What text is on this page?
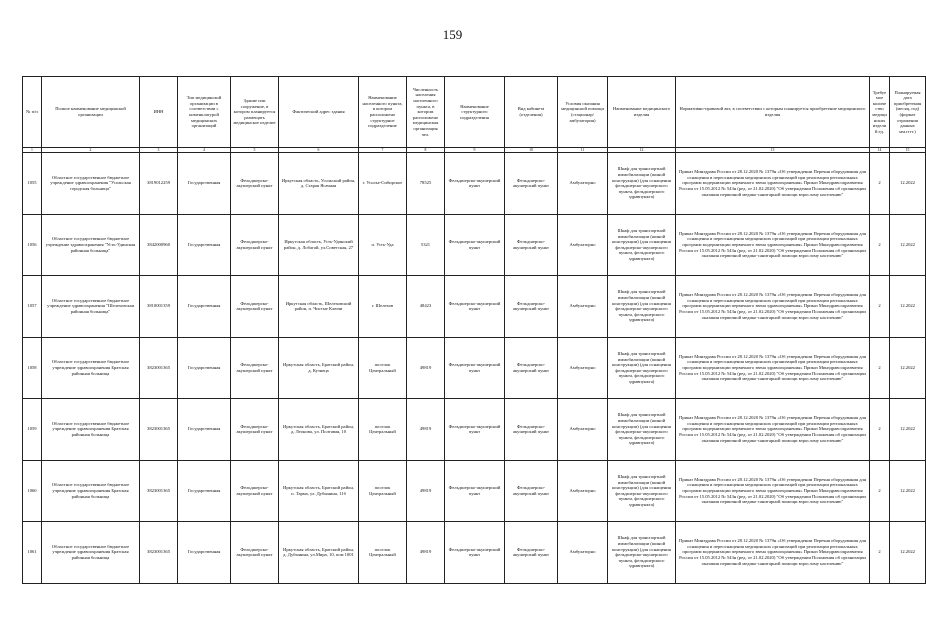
159
№ п/п	Полное наименование медицинской организации	ИНН	Тип медицинской организации в соответствии с номенклатурой медицинских организаций	Здание или сооружение, в котором планируется размещать медицинское изделие	Фактический адрес здания	Наименование населенного пункта, в котором расположено структурное подразделение	Численность населения населенного пункта, в котором расположено медицинская организация чел.	Наименование структурного подразделения	Вид кабинета (отделения)	Условия оказания медицинской помощи (стационар/амбулатория)	Наименование медицинского изделия	Нормативно-правовой акт, в соответствии с которым планируется приобретение медицинского изделия	Требуемое количество медицинских изделий ед.	Планируемая дата приобретения (месяц, год) (формат отражения данных мм.гггг.)
1	2	3	4	5	6	7	8	9	10	11	12	13	14	15
1055	Областное государственное бюджетное учреждение здравоохранения "Усольская городская больница"	3819012259	Государственная	Фельдшерско-акушерский пункт	Иркутская область, Усольский район, д. Старая Ясачная	г. Усолье-Сибирское	78525	Фельдшерско-акушерский пункт	Фельдшерско-акушерский пункт	Амбулаторно	Шкаф для транспортной иммобилизации (шиной конструкции) (для оснащения фельдшерско-акушерского пункта, фельдшерского здравпункта)	Приказ Минздрава России от 28.12.2020 № 1379н «Об утверждении Перечня оборудования для оснащения и переоснащения медицинских организаций при реализации региональных программ модернизации первичного звена здравоохранения» Приказ Минздравсоцразвития России от 15.05.2012 № 543н (ред. от 21.02.2020) "Об утверждении Положения об организации оказания первичной медико-санитарной помощи взрослому населению"	2	12.2022
1056	Областное государственное бюджетное учреждение здравоохранения "Усть-Удинская районная больница"	3842000960	Государственная	Фельдшерско-акушерский пункт	Иркутская область, Усть-Удинский район, д. Лобагай, ул.Советская, 27	п. Усть-Уда	5321	Фельдшерско-акушерский пункт	Фельдшерско-акушерский пункт	Амбулаторно	Шкаф для транспортной иммобилизации (шиной конструкции) (для оснащения фельдшерско-акушерского пункта, фельдшерского здравпункта)	Приказ Минздрава России от 28.12.2020 № 1379н «Об утверждении Перечня оборудования для оснащения и переоснащения медицинских организаций при реализации региональных программ модернизации первичного звена здравоохранения» Приказ Минздравсоцразвития России от 15.05.2012 № 543н (ред. от 21.02.2020) "Об утверждении Положения об организации оказания первичной медико-санитарной помощи взрослому населению"	2	12.2022
1057	Областное государственное бюджетное учреждение здравоохранения "Шелеховская районная больница"	3810001359	Государственная	Фельдшерско-акушерский пункт	Иркутская область, Шелеховский район, п. Чистые Ключи	г. Шелехов	48423	Фельдшерско-акушерский пункт	Фельдшерско-акушерский пункт	Амбулаторно	Шкаф для транспортной иммобилизации (шиной конструкции) (для оснащения фельдшерско-акушерского пункта, фельдшерского здравпункта)	Приказ Минздрава России от 28.12.2020 № 1379н «Об утверждении Перечня оборудования для оснащения и переоснащения медицинских организаций при реализации региональных программ модернизации первичного звена здравоохранения» Приказ Минздравсоцразвития России от 15.05.2012 № 543н (ред. от 21.02.2020) "Об утверждении Положения об организации оказания первичной медико-санитарной помощи взрослому населению"	2	12.2022
1058	Областное государственное бюджетное учреждение здравоохранения Братская районная больница	3823001365	Государственная	Фельдшерско-акушерский пункт	Иркутская область, Братский район, д. Кузнеца	поселок Центральный	49819	Фельдшерско-акушерский пункт	Фельдшерско-акушерский пункт	Амбулаторно	Шкаф для транспортной иммобилизации (шиной конструкции) (для оснащения фельдшерско-акушерского пункта, фельдшерского здравпункта)	Приказ Минздрава России от 28.12.2020 № 1379н «Об утверждении Перечня оборудования для оснащения и переоснащения медицинских организаций при реализации региональных программ модернизации первичного звена здравоохранения» Приказ Минздравсоцразвития России от 15.05.2012 № 543н (ред. от 21.02.2020) "Об утверждении Положения об организации оказания первичной медико-санитарной помощи взрослому населению"	2	12.2022
1059	Областное государственное бюджетное учреждение здравоохранения Братская районная больница	3823001365	Государственная	Фельдшерско-акушерский пункт	Иркутская область, Братский район, д. Леонова, ул. Полтавая, 10	поселок Центральный	49819	Фельдшерско-акушерский пункт	Фельдшерско-акушерский пункт	Амбулаторно	Шкаф для транспортной иммобилизации (шиной конструкции) (для оснащения фельдшерско-акушерского пункта, фельдшерского здравпункта)	Приказ Минздрава России от 28.12.2020 № 1379н «Об утверждении Перечня оборудования для оснащения и переоснащения медицинских организаций при реализации региональных программ модернизации первичного звена здравоохранения» Приказ Минздравсоцразвития России от 15.05.2012 № 543н (ред. от 21.02.2020) "Об утверждении Положения об организации оказания первичной медико-санитарной помощи взрослому населению"	2	12.2022
1060	Областное государственное бюджетное учреждение здравоохранения Братская районная больница	3823001365	Государственная	Фельдшерско-акушерский пункт	Иркутская область, Братский район, п. Тарма, ул. Дубынина, 11б	поселок Центральный	49819	Фельдшерско-акушерский пункт	Фельдшерско-акушерский пункт	Амбулаторно	Шкаф для транспортной иммобилизации (шиной конструкции) (для оснащения фельдшерско-акушерского пункта, фельдшерского здравпункта)	Приказ Минздрава России от 28.12.2020 № 1379н «Об утверждении Перечня оборудования для оснащения и переоснащения медицинских организаций при реализации региональных программ модернизации первичного звена здравоохранения» Приказ Минздравсоцразвития России от 15.05.2012 № 543н (ред. от 21.02.2020) "Об утверждении Положения об организации оказания первичной медико-санитарной помощи взрослому населению"	2	12.2022
1061	Областное государственное бюджетное учреждение здравоохранения Братская районная больница	3823001365	Государственная	Фельдшерско-акушерский пункт	Иркутская область, Братский район, д. Дубынина, ул.Мира, 10, пом 1001	поселок Центральный	49819	Фельдшерско-акушерский пункт	Фельдшерско-акушерский пункт	Амбулаторно	Шкаф для транспортной иммобилизации (шиной конструкции) (для оснащения фельдшерско-акушерского пункта, фельдшерского здравпункта)	Приказ Минздрава России от 28.12.2020 № 1379н «Об утверждении Перечня оборудования для оснащения и переоснащения медицинских организаций при реализации региональных программ модернизации первичного звена здравоохранения» Приказ Минздравсоцразвития России от 15.05.2012 № 543н (ред. от 21.02.2020) "Об утверждении Положения об организации оказания первичной медико-санитарной помощи взрослому населению"	2	12.2022
